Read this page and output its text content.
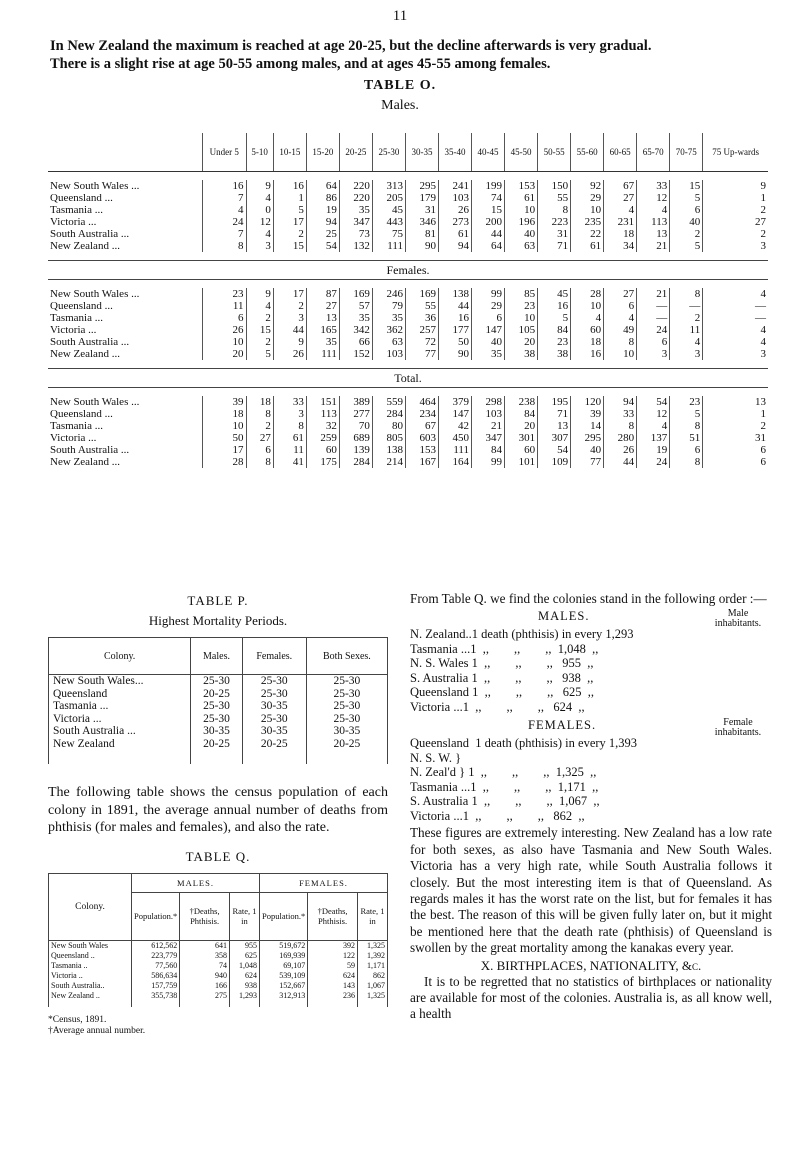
11
In New Zealand the maximum is reached at age 20-25, but the decline afterwards is very gradual.
There is a slight rise at age 50-55 among males, and at ages 45-55 among females.
TABLE O.
Males.
	Under 5	5-10	10-15	15-20	20-25	25-30	30-35	35-40	40-45	45-50	50-55	55-60	60-65	65-70	70-75	75 Up-wards

New South Wales ...	16	9	16	64	220	313	295	241	199	153	150	92	67	33	15	9
Queensland ...	7	4	1	86	220	205	179	103	74	61	55	29	27	12	5	1
Tasmania ...	4	0	5	19	35	45	31	26	15	10	8	10	4	4	6	2
Victoria ...	24	12	17	94	347	443	346	273	200	196	223	235	231	113	40	27
South Australia ...	7	4	2	25	73	75	81	61	44	40	31	22	18	13	2	2
New Zealand ...	8	3	15	54	132	111	90	94	64	63	71	61	34	21	5	3

Females.																

New South Wales ...	23	9	17	87	169	246	169	138	99	85	45	28	27	21	8	4
Queensland ...	11	4	2	27	57	79	55	44	29	23	16	10	6	—	—	—
Tasmania ...	6	2	3	13	35	35	36	16	6	10	5	4	4	—	2	—
Victoria ...	26	15	44	165	342	362	257	177	147	105	84	60	49	24	11	4
South Australia ...	10	2	9	35	66	63	72	50	40	20	23	18	8	6	4	4
New Zealand ...	20	5	26	111	152	103	77	90	35	38	38	16	10	3	3	3

Total.																

New South Wales ...	39	18	33	151	389	559	464	379	298	238	195	120	94	54	23	13
Queensland ...	18	8	3	113	277	284	234	147	103	84	71	39	33	12	5	1
Tasmania ...	10	2	8	32	70	80	67	42	21	20	13	14	8	4	8	2
Victoria ...	50	27	61	259	689	805	603	450	347	301	307	295	280	137	51	31
South Australia ...	17	6	11	60	139	138	153	111	84	60	54	40	26	19	6	6
New Zealand ...	28	8	41	175	284	214	167	164	99	101	109	77	44	24	8	6
TABLE P.
Highest Mortality Periods.
Colony.	Males.	Females.	Both Sexes.
New South Wales...	25-30	25-30	25-30
Queensland	20-25	25-30	25-30
Tasmania ...	25-30	30-35	25-30
Victoria ...	25-30	25-30	25-30
South Australia ...	30-35	30-35	30-35
New Zealand	20-25	20-25	20-25
The following table shows the census population of each colony in 1891, the average annual number of deaths from phthisis (for males and females), and also the rate.
TABLE Q.
Colony.	MALES.			FEMALES.		
	Population.*	†Deaths, Phthisis.	Rate, 1 in	Population.*	†Deaths, Phthisis.	Rate, 1 in
New South Wales	612,562	641	955	519,672	392	1,325
Queensland ..	223,779	358	625	169,939	122	1,392
Tasmania ..	77,560	74	1,048	69,107	59	1,171
Victoria ..	586,634	940	624	539,109	624	862
South Australia..	157,759	166	938	152,667	143	1,067
New Zealand ..	355,738	275	1,293	312,913	236	1,325
*Census, 1891.
†Average annual number.
From Table Q. we find the colonies stand in the following order :—
MALES.	Male inhabitants.
N. Zealand..1 death (phthisis) in every 1,293
Tasmania ...1  ,,        ,,        ,,  1,048  ,,
N. S. Wales 1  ,,        ,,        ,,   955  ,,
S. Australia 1  ,,        ,,        ,,   938  ,,
Queensland 1  ,,        ,,        ,,   625  ,,
Victoria ...1  ,,        ,,        ,,   624  ,,
FEMALES.	Female inhabitants.
Queensland  1 death (phthisis) in every 1,393
N. S. W. }
N. Zeal'd } 1  ,,        ,,        ,,  1,325  ,,
Tasmania ...1  ,,        ,,        ,,  1,171  ,,
S. Australia 1  ,,        ,,        ,,  1,067  ,,
Victoria ...1  ,,        ,,        ,,   862  ,,
These figures are extremely interesting. New Zealand has a low rate for both sexes, as also have Tasmania and New South Wales. Victoria has a very high rate, while South Australia follows it closely. But the most interesting item is that of Queensland. As regards males it has the worst rate on the list, but for females it has the best. The reason of this will be given fully later on, but it might be mentioned here that the death rate (phthisis) of Queensland is swollen by the great mortality among the kanakas every year.
X. BIRTHPLACES, NATIONALITY, &c.
It is to be regretted that no statistics of birthplaces or nationality are available for most of the colonies. Australia is, as all know well, a health
